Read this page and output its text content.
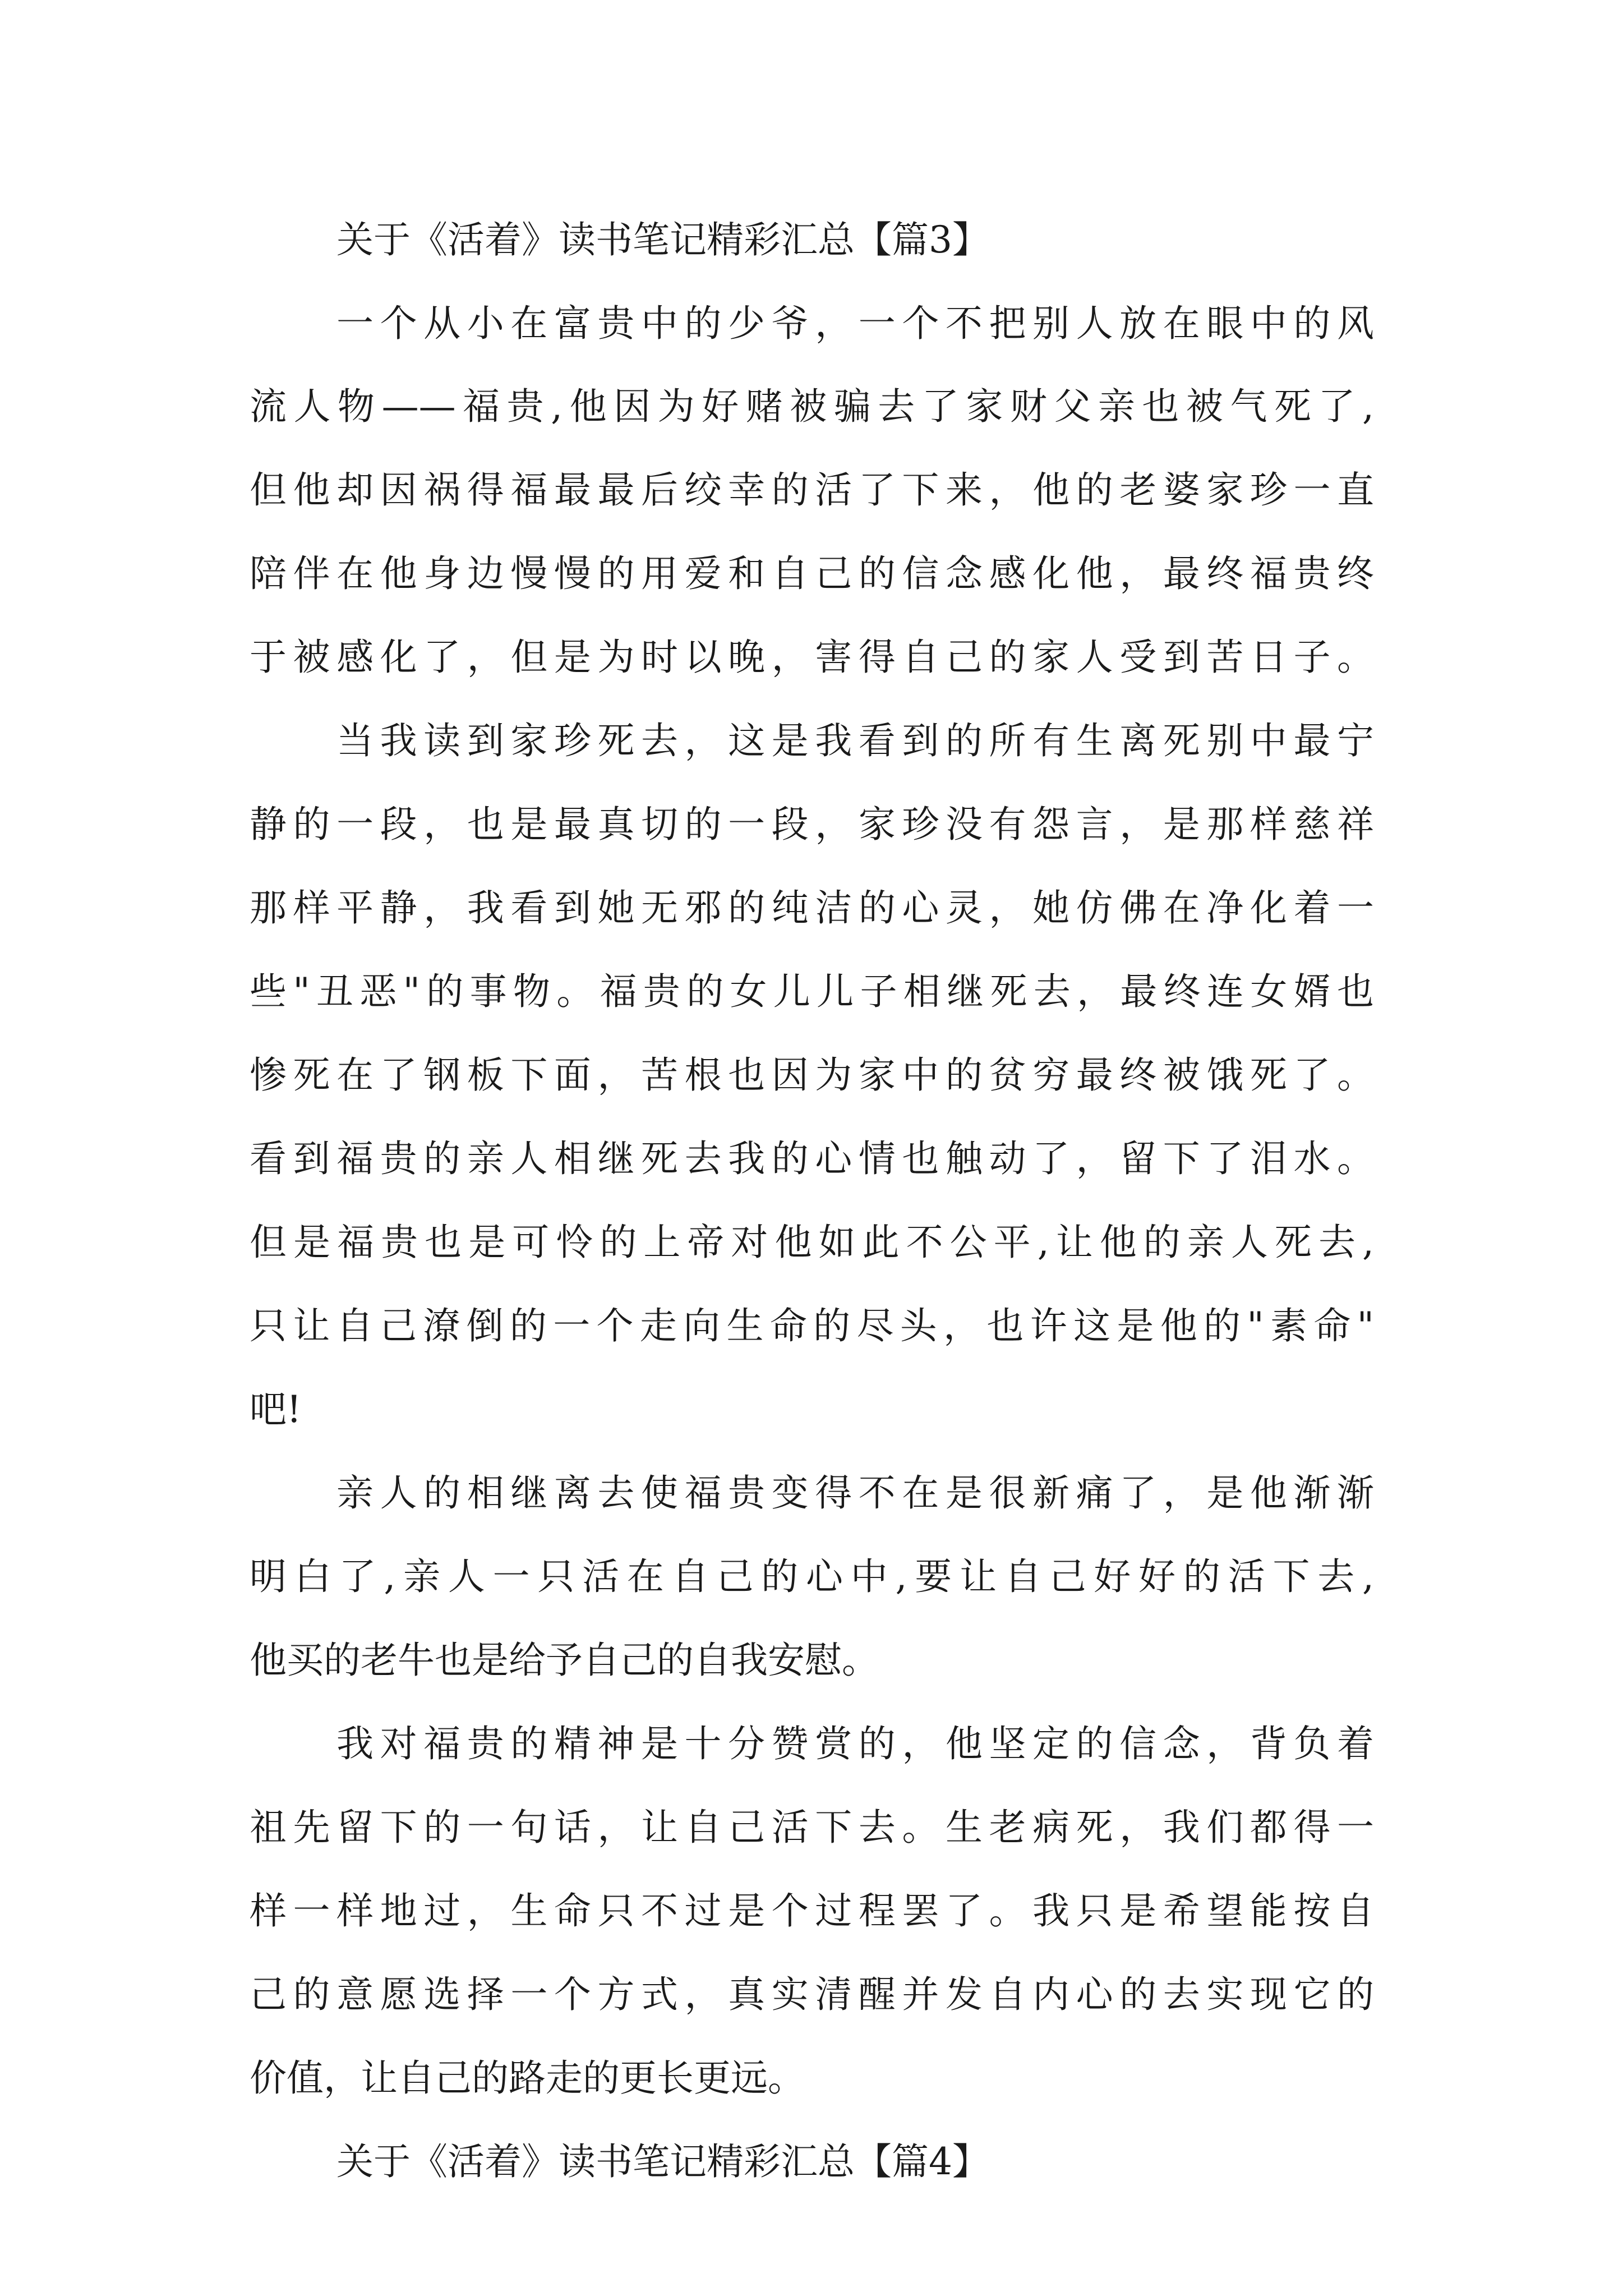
关于《活着》读书笔记精彩汇总【篇3】
一个从小在富贵中的少爷，一个不把别人放在眼中的风
流人物——福贵,他因为好赌被骗去了家财父亲也被气死了,
但他却因祸得福最最后绞幸的活了下来，他的老婆家珍一直
陪伴在他身边慢慢的用爱和自己的信念感化他，最终福贵终
于被感化了，但是为时以晚，害得自己的家人受到苦日子。
当我读到家珍死去，这是我看到的所有生离死别中最宁
静的一段，也是最真切的一段，家珍没有怨言，是那样慈祥
那样平静，我看到她无邪的纯洁的心灵，她仿佛在净化着一
些"丑恶"的事物。福贵的女儿儿子相继死去，最终连女婿也
惨死在了钢板下面，苦根也因为家中的贫穷最终被饿死了。
看到福贵的亲人相继死去我的心情也触动了，留下了泪水。
但是福贵也是可怜的上帝对他如此不公平,让他的亲人死去,
只让自己潦倒的一个走向生命的尽头，也许这是他的"素命"
吧!
亲人的相继离去使福贵变得不在是很新痛了，是他渐渐
明白了,亲人一只活在自己的心中,要让自己好好的活下去,
他买的老牛也是给予自己的自我安慰。
我对福贵的精神是十分赞赏的，他坚定的信念，背负着
祖先留下的一句话，让自己活下去。生老病死，我们都得一
样一样地过，生命只不过是个过程罢了。我只是希望能按自
己的意愿选择一个方式，真实清醒并发自内心的去实现它的
价值，让自己的路走的更长更远。
关于《活着》读书笔记精彩汇总【篇4】
